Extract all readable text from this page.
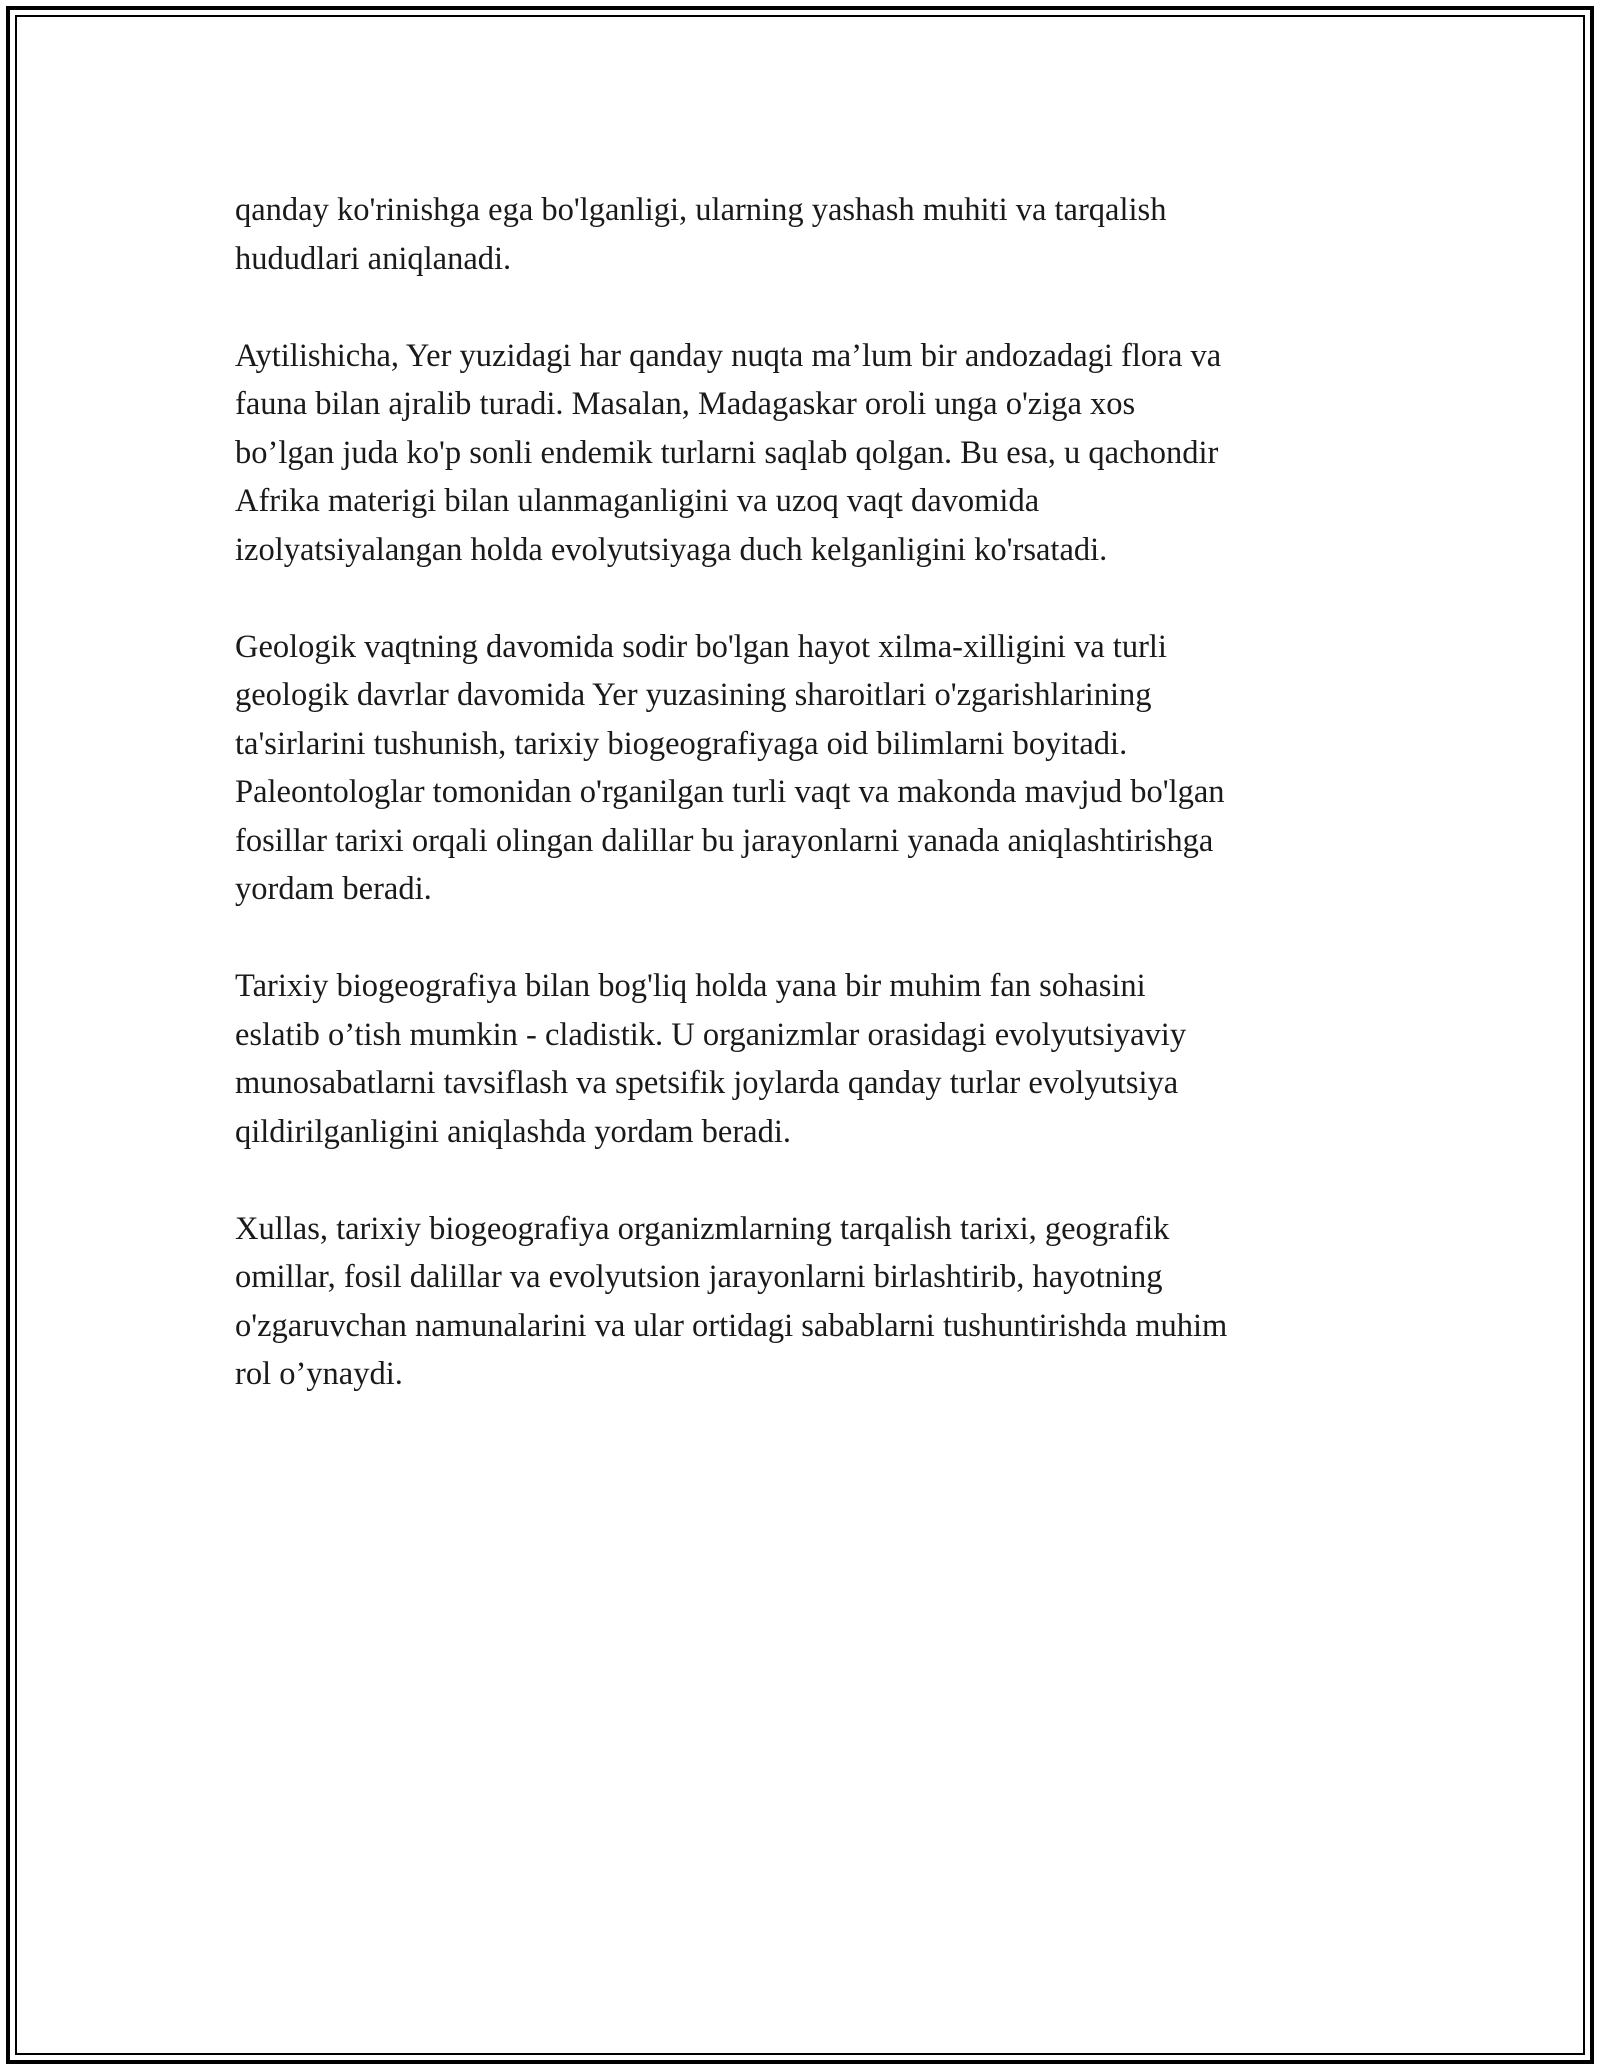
qanday ko'rinishga ega bo'lganligi, ularning yashash muhiti va tarqalish
hududlari aniqlanadi.

Aytilishicha, Yer yuzidagi har qanday nuqta ma’lum bir andozadagi flora va
fauna bilan ajralib turadi. Masalan, Madagaskar oroli unga o'ziga xos
bo’lgan juda ko'p sonli endemik turlarni saqlab qolgan. Bu esa, u qachondir
Afrika materigi bilan ulanmaganligini va uzoq vaqt davomida
izolyatsiyalangan holda evolyutsiyaga duch kelganligini ko'rsatadi.

Geologik vaqtning davomida sodir bo'lgan hayot xilma-xilligini va turli
geologik davrlar davomida Yer yuzasining sharoitlari o'zgarishlarining
ta'sirlarini tushunish, tarixiy biogeografiyaga oid bilimlarni boyitadi.
Paleontologlar tomonidan o'rganilgan turli vaqt va makonda mavjud bo'lgan
fosillar tarixi orqali olingan dalillar bu jarayonlarni yanada aniqlashtirishga
yordam beradi.

Tarixiy biogeografiya bilan bog'liq holda yana bir muhim fan sohasini
eslatib o’tish mumkin - cladistik. U organizmlar orasidagi evolyutsiyaviy
munosabatlarni tavsiflash va spetsifik joylarda qanday turlar evolyutsiya
qildirilganligini aniqlashda yordam beradi.

Xullas, tarixiy biogeografiya organizmlarning tarqalish tarixi, geografik
omillar, fosil dalillar va evolyutsion jarayonlarni birlashtirib, hayotning
o'zgaruvchan namunalarini va ular ortidagi sabablarni tushuntirishda muhim
rol o’ynaydi.
